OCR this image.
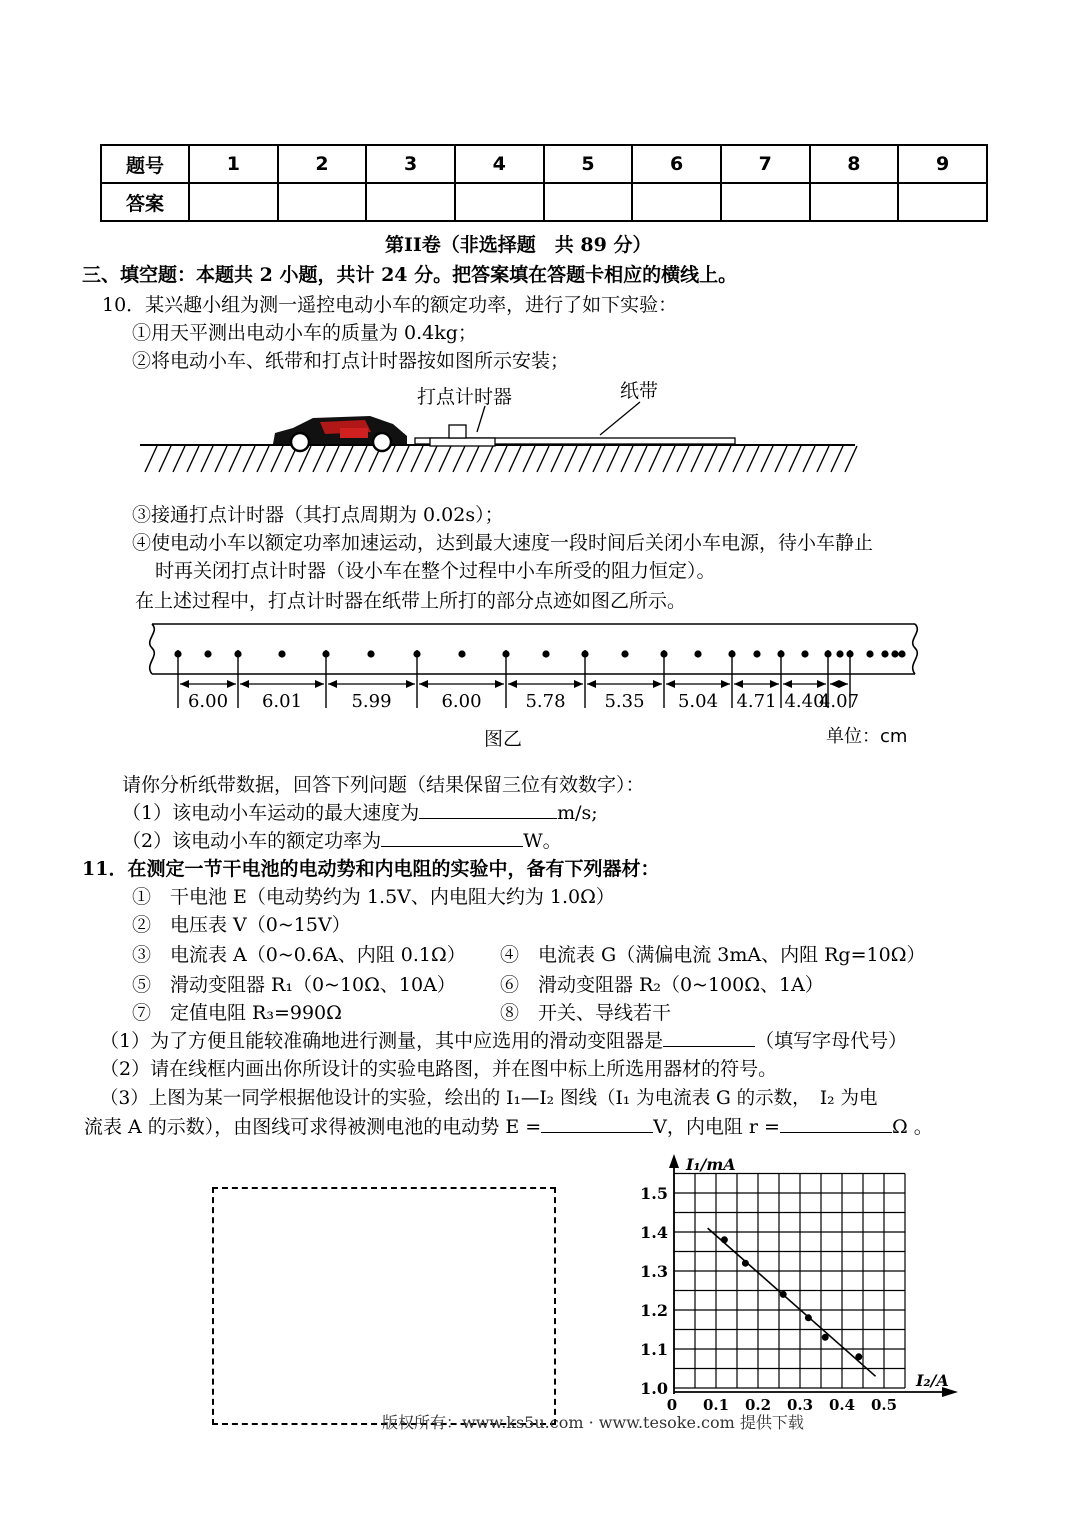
题号	1	2	3	4	5	6	7	8	9
答案									
第II卷（非选择题　共 89 分）
三、填空题：本题共 2 小题，共计 24 分。把答案填在答题卡相应的横线上。
10．某兴趣小组为测一遥控电动小车的额定功率，进行了如下实验：
①用天平测出电动小车的质量为 0.4kg；
②将电动小车、纸带和打点计时器按如图所示安装；
打点计时器	纸带
③接通打点计时器（其打点周期为 0.02s）；
④使电动小车以额定功率加速运动，达到最大速度一段时间后关闭小车电源，待小车静止
时再关闭打点计时器（设小车在整个过程中小车所受的阻力恒定）。
在上述过程中，打点计时器在纸带上所打的部分点迹如图乙所示。
6.00 6.01	5.99	6.00 5.78 5.35 5.04 4.71 4.40
4.07
图乙	单位：cm
请你分析纸带数据，回答下列问题（结果保留三位有效数字）：
（1）该电动小车运动的最大速度为	m/s;
（2）该电动小车的额定功率为	W。
11．在测定一节干电池的电动势和内电阻的实验中，备有下列器材：
①　干电池 E（电动势约为 1.5V、内电阻大约为 1.0Ω）
②　电压表 V（0~15V）
③　电流表 A（0~0.6A、内阻 0.1Ω） ④　电流表 G（满偏电流 3mA、内阻 Rg=10Ω）
⑤　滑动变阻器 R₁（0~10Ω、10A） ⑥　滑动变阻器 R₂（0~100Ω、1A）
⑦　定值电阻 R₃=990Ω	⑧　开关、导线若干
（1）为了方便且能较准确地进行测量，其中应选用的滑动变阻器是	（填写字母代号）
（2）请在线框内画出你所设计的实验电路图，并在图中标上所选用器材的符号。
（3）上图为某一同学根据他设计的实验，绘出的 I₁—I₂ 图线（I₁ 为电流表 G 的示数，　I₂ 为电
流表 A 的示数），由图线可求得被测电池的电动势 E =	V，内电阻 r =	Ω 。
1.0
1.1
1.2
1.3
1.4
1.5
0 0.1 0.2 0.3 0.4 0.5
I₁/mA
I₂/A
版权所有：www.ks5u.com · www.tesoke.com 提供下载
